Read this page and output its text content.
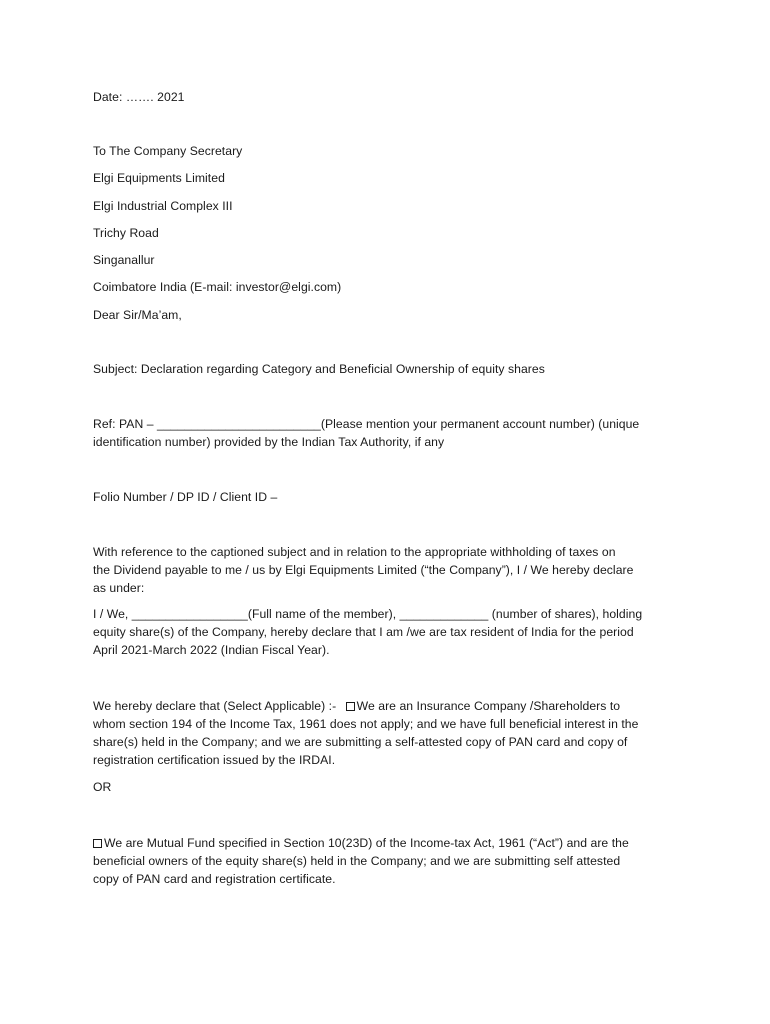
Date: ……. 2021
To The Company Secretary
Elgi Equipments Limited
Elgi Industrial Complex III
Trichy Road
Singanallur
Coimbatore India (E-mail: investor@elgi.com)
Dear Sir/Ma’am,
Subject: Declaration regarding Category and Beneficial Ownership of equity shares
Ref: PAN – ________________________(Please mention your permanent account number) (unique
identification number) provided by the Indian Tax Authority, if any
Folio Number / DP ID / Client ID –
With reference to the captioned subject and in relation to the appropriate withholding of taxes on
the Dividend payable to me / us by Elgi Equipments Limited (“the Company”), I / We hereby declare
as under:
I / We, _________________(Full name of the member), _____________ (number of shares), holding
equity share(s) of the Company, hereby declare that I am /we are tax resident of India for the period
April 2021-March 2022 (Indian Fiscal Year).
We hereby declare that (Select Applicable) :- We are an Insurance Company /Shareholders to
whom section 194 of the Income Tax, 1961 does not apply; and we have full beneficial interest in the
share(s) held in the Company; and we are submitting a self-attested copy of PAN card and copy of
registration certification issued by the IRDAI.
OR
We are Mutual Fund specified in Section 10(23D) of the Income-tax Act, 1961 (“Act”) and are the
beneficial owners of the equity share(s) held in the Company; and we are submitting self attested
copy of PAN card and registration certificate.
